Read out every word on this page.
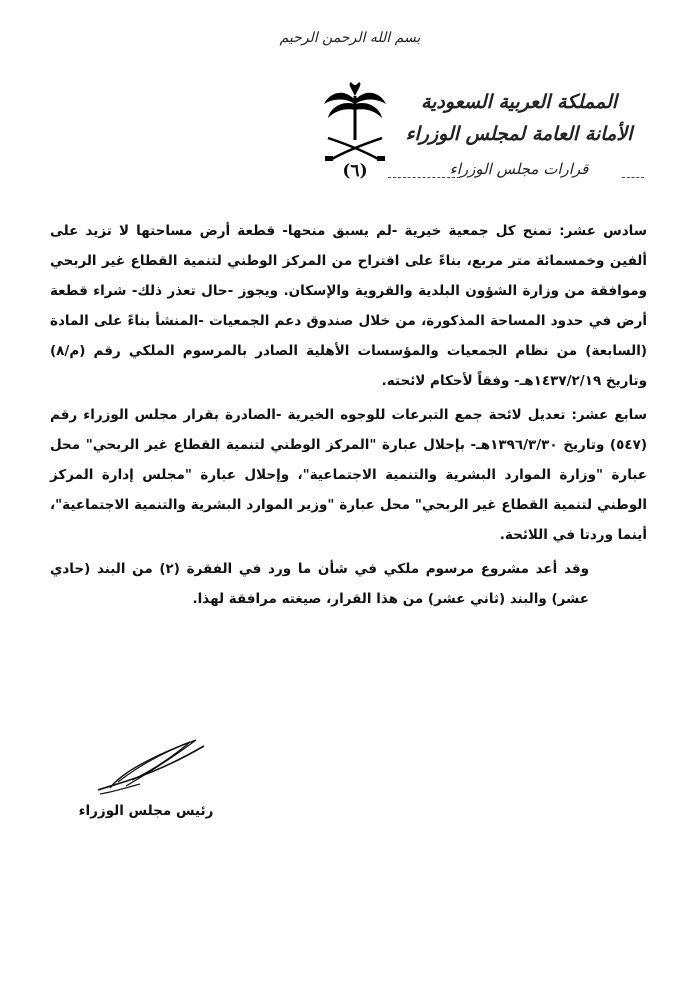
بسم الله الرحمن الرحيم
(٦)
المملكة العربية السعودية
الأمانة العامة لمجلس الوزراء
قرارات مجلس الوزراء

سادس عشر: تمنح كل جمعية خيرية -لم يسبق منحها- قطعة أرض مساحتها لا تزيد على ألفين وخمسمائة متر مربع، بناءً على اقتراح من المركز الوطني لتنمية القطاع غير الربحي وموافقة من وزارة الشؤون البلدية والقروية والإسكان. ويجوز -حال تعذر ذلك- شراء قطعة أرض في حدود المساحة المذكورة، من خلال صندوق دعم الجمعيات -المنشأ بناءً على المادة (السابعة) من نظام الجمعيات والمؤسسات الأهلية الصادر بالمرسوم الملكي رقم (م/٨) وتاريخ ١٤٣٧/٢/١٩هـ- وفقاً لأحكام لائحته.

سابع عشر: تعديل لائحة جمع التبرعات للوجوه الخيرية -الصادرة بقرار مجلس الوزراء رقم (٥٤٧) وتاريخ ١٣٩٦/٣/٣٠هـ- بإحلال عبارة "المركز الوطني لتنمية القطاع غير الربحي" محل عبارة "وزارة الموارد البشرية والتنمية الاجتماعية"، وإحلال عبارة "مجلس إدارة المركز الوطني لتنمية القطاع غير الربحي" محل عبارة "وزير الموارد البشرية والتنمية الاجتماعية"، أينما وردتا في اللائحة.

وقد أعد مشروع مرسوم ملكي في شأن ما ورد في الفقرة (٢) من البند (حادي عشر) والبند (ثاني عشر) من هذا القرار، صيغته مرافقة لهذا.

رئيس مجلس الوزراء
